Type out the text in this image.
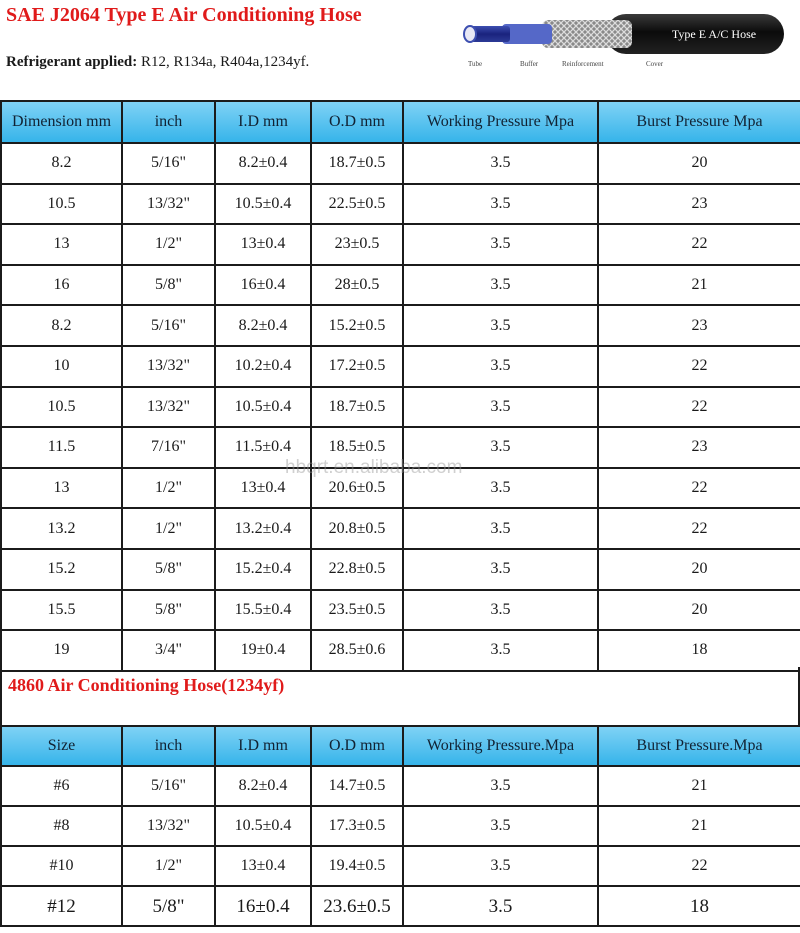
SAE J2064 Type E Air Conditioning Hose
Refrigerant applied: R12, R134a, R404a,1234yf.
Type E A/C Hose
Tube	Buffer	Reinforcement	Cover
Dimension mm	inch	I.D mm	O.D mm	Working Pressure Mpa	Burst Pressure Mpa
8.2	5/16"	8.2±0.4	18.7±0.5	3.5	20
10.5	13/32"	10.5±0.4	22.5±0.5	3.5	23
13	1/2"	13±0.4	23±0.5	3.5	22
16	5/8"	16±0.4	28±0.5	3.5	21
8.2	5/16"	8.2±0.4	15.2±0.5	3.5	23
10	13/32"	10.2±0.4	17.2±0.5	3.5	22
10.5	13/32"	10.5±0.4	18.7±0.5	3.5	22
11.5	7/16"	11.5±0.4	18.5±0.5	3.5	23
13	1/2"	13±0.4	20.6±0.5	3.5	22
13.2	1/2"	13.2±0.4	20.8±0.5	3.5	22
15.2	5/8"	15.2±0.4	22.8±0.5	3.5	20
15.5	5/8"	15.5±0.4	23.5±0.5	3.5	20
19	3/4"	19±0.4	28.5±0.6	3.5	18
4860 Air Conditioning Hose(1234yf)
Size	inch	I.D mm	O.D mm	Working Pressure.Mpa	Burst Pressure.Mpa
#6	5/16"	8.2±0.4	14.7±0.5	3.5	21
#8	13/32"	10.5±0.4	17.3±0.5	3.5	21
#10	1/2"	13±0.4	19.4±0.5	3.5	22
#12	5/8"	16±0.4	23.6±0.5	3.5	18
hbqrt.en.alibaba.com
